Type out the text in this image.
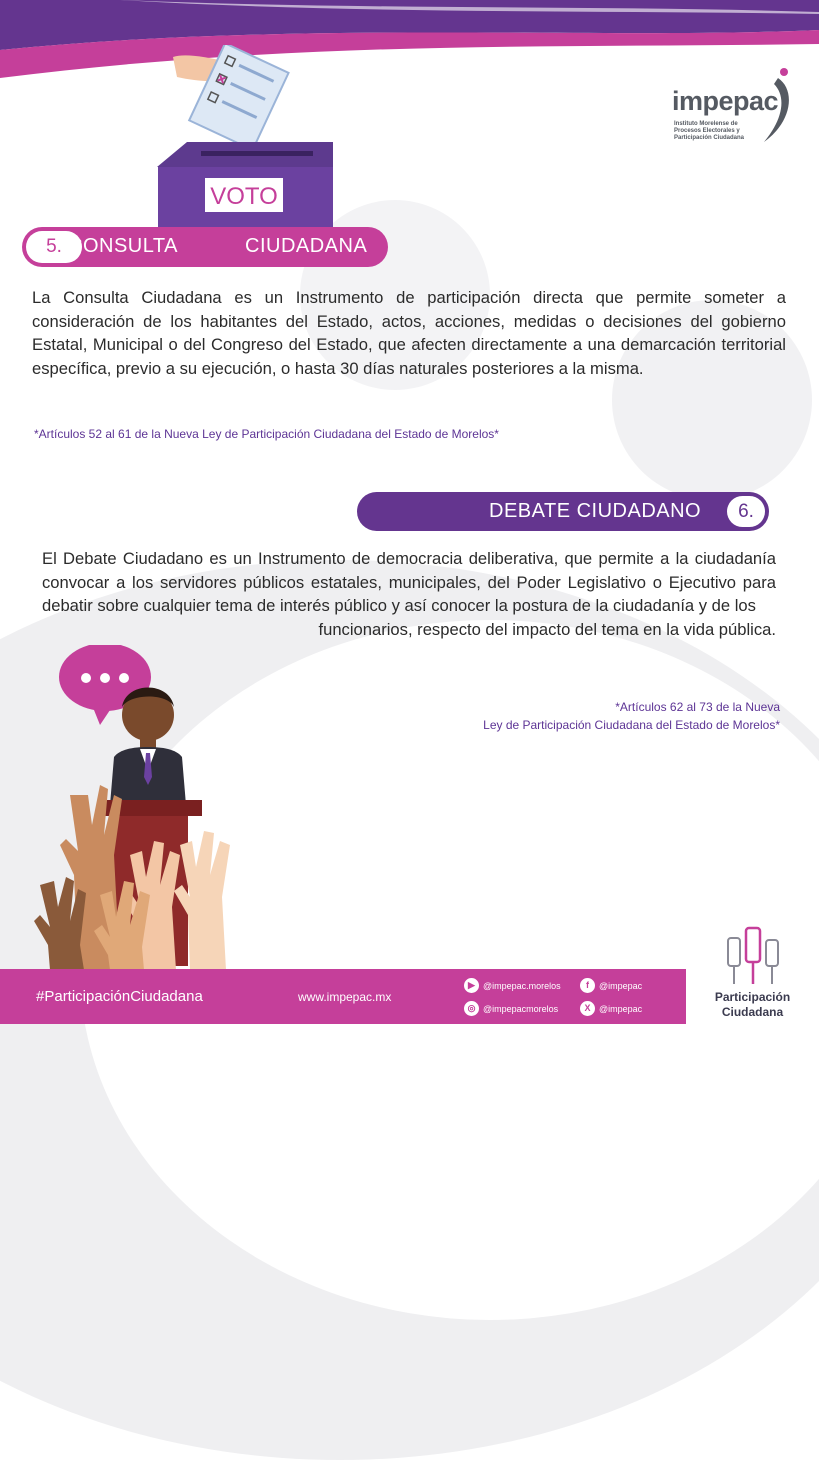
VOTO
impepac
Instituto Morelense de Procesos Electorales y Participación Ciudadana
5. CONSULTA	CIUDADANA
La Consulta Ciudadana es un Instrumento de participación directa que permite someter a consideración de los habitantes del Estado, actos, acciones, medidas o decisiones del gobierno Estatal, Municipal o del Congreso del Estado, que afecten directamente a una demarcación territorial específica, previo a su ejecución, o hasta 30 días naturales posteriores a la misma.
*Artículos 52 al 61 de la Nueva Ley de Participación Ciudadana del Estado de Morelos*
DEBATE CIUDADANO	6.
El Debate Ciudadano es un Instrumento de democracia deliberativa, que permite a la ciudadanía convocar a los servidores públicos estatales, municipales, del Poder Legislativo o Ejecutivo para debatir sobre cualquier tema de interés público y así conocer la postura de la ciudadanía y de los
funcionarios, respecto del impacto del tema en la vida pública.
*Artículos 62 al 73 de la Nueva
Ley de Participación Ciudadana del Estado de Morelos*
#ParticipaciónCiudadana	www.impepac.mx
▶ @impepac.morelos	f	@impepac
◎ @impepacmorelos	X @impepac
Participación
Ciudadana
